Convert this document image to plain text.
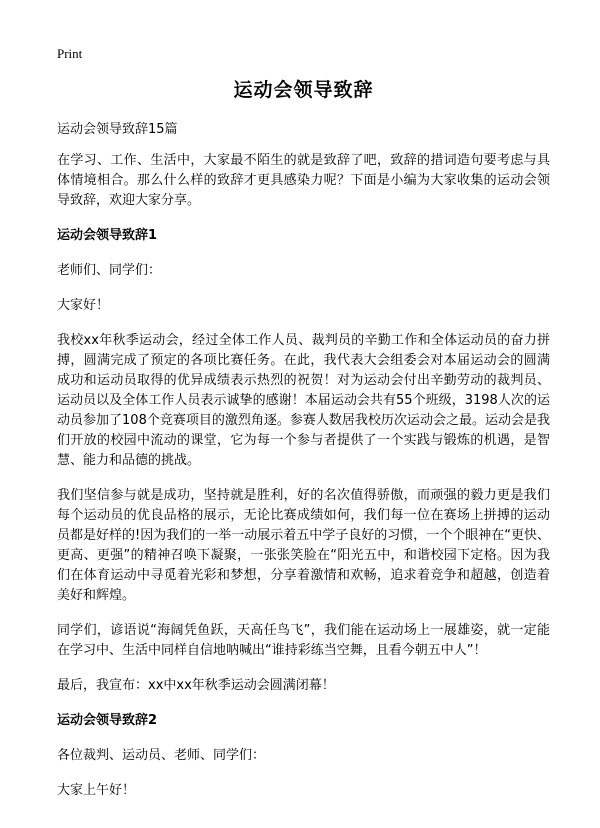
Print
运动会领导致辞
运动会领导致辞15篇

在学习、工作、生活中，大家最不陌生的就是致辞了吧，致辞的措词造句要考虑与具体情境相合。那么什么样的致辞才更具感染力呢？下面是小编为大家收集的运动会领导致辞，欢迎大家分享。

运动会领导致辞1

老师们、同学们：

大家好！

我校xx年秋季运动会，经过全体工作人员、裁判员的辛勤工作和全体运动员的奋力拼搏，圆满完成了预定的各项比赛任务。在此，我代表大会组委会对本届运动会的圆满成功和运动员取得的优异成绩表示热烈的祝贺！对为运动会付出辛勤劳动的裁判员、运动员以及全体工作人员表示诚挚的感谢！本届运动会共有55个班级，3198人次的运动员参加了108个竞赛项目的激烈角逐。参赛人数居我校历次运动会之最。运动会是我们开放的校园中流动的课堂，它为每一个参与者提供了一个实践与锻炼的机遇，是智慧、能力和品德的挑战。

我们坚信参与就是成功，坚持就是胜利，好的名次值得骄傲，而顽强的毅力更是我们每个运动员的优良品格的展示，无论比赛成绩如何，我们每一位在赛场上拼搏的运动员都是好样的!因为我们的一举一动展示着五中学子良好的习惯，一个个眼神在“更快、更高、更强”的精神召唤下凝聚，一张张笑脸在“阳光五中，和谐校园下定格。因为我们在体育运动中寻觅着光彩和梦想，分享着激情和欢畅，追求着竞争和超越，创造着美好和辉煌。

同学们，谚语说“海阔凭鱼跃，天高任鸟飞”，我们能在运动场上一展雄姿，就一定能在学习中、生活中同样自信地呐喊出“谁持彩练当空舞，且看今朝五中人”！

最后，我宣布：xx中xx年秋季运动会圆满闭幕！

运动会领导致辞2

各位裁判、运动员、老师、同学们：

大家上午好！
